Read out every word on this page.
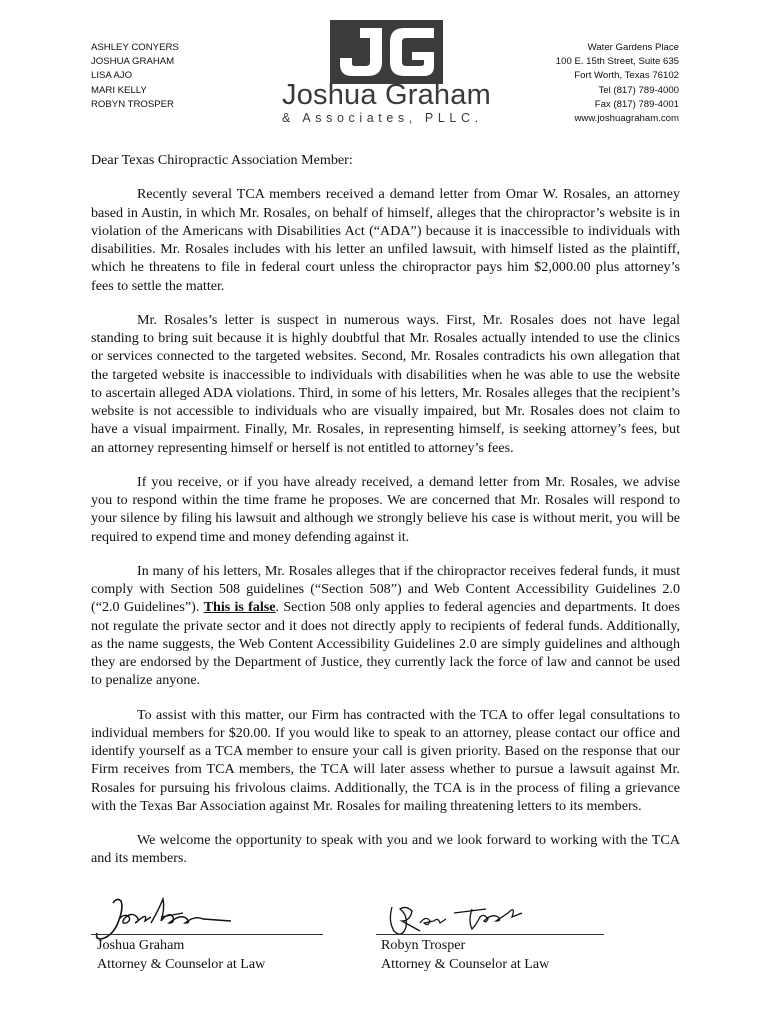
ASHLEY CONYERS
JOSHUA GRAHAM
LISA AJO
MARI KELLY
ROBYN TROSPER	Joshua Graham
& Associates, PLLC.
Water Gardens Place
100 E. 15th Street, Suite 635
Fort Worth, Texas 76102
Tel (817) 789-4000
Fax (817) 789-4001
www.joshuagraham.com

Dear Texas Chiropractic Association Member:

Recently several TCA members received a demand letter from Omar W. Rosales, an attorney based in Austin, in which Mr. Rosales, on behalf of himself, alleges that the chiropractor’s website is in violation of the Americans with Disabilities Act (“ADA”) because it is inaccessible to individuals with disabilities. Mr. Rosales includes with his letter an unfiled lawsuit, with himself listed as the plaintiff, which he threatens to file in federal court unless the chiropractor pays him $2,000.00 plus attorney’s fees to settle the matter.

Mr. Rosales’s letter is suspect in numerous ways. First, Mr. Rosales does not have legal standing to bring suit because it is highly doubtful that Mr. Rosales actually intended to use the clinics or services connected to the targeted websites. Second, Mr. Rosales contradicts his own allegation that the targeted website is inaccessible to individuals with disabilities when he was able to use the website to ascertain alleged ADA violations. Third, in some of his letters, Mr. Rosales alleges that the recipient’s website is not accessible to individuals who are visually impaired, but Mr. Rosales does not claim to have a visual impairment. Finally, Mr. Rosales, in representing himself, is seeking attorney’s fees, but an attorney representing himself or herself is not entitled to attorney’s fees.

If you receive, or if you have already received, a demand letter from Mr. Rosales, we advise you to respond within the time frame he proposes. We are concerned that Mr. Rosales will respond to your silence by filing his lawsuit and although we strongly believe his case is without merit, you will be required to expend time and money defending against it.

In many of his letters, Mr. Rosales alleges that if the chiropractor receives federal funds, it must comply with Section 508 guidelines (“Section 508”) and Web Content Accessibility Guidelines 2.0 (“2.0 Guidelines”). This is false. Section 508 only applies to federal agencies and departments. It does not regulate the private sector and it does not directly apply to recipients of federal funds. Additionally, as the name suggests, the Web Content Accessibility Guidelines 2.0 are simply guidelines and although they are endorsed by the Department of Justice, they currently lack the force of law and cannot be used to penalize anyone.

To assist with this matter, our Firm has contracted with the TCA to offer legal consultations to individual members for $20.00. If you would like to speak to an attorney, please contact our office and identify yourself as a TCA member to ensure your call is given priority. Based on the response that our Firm receives from TCA members, the TCA will later assess whether to pursue a lawsuit against Mr. Rosales for pursuing his frivolous claims. Additionally, the TCA is in the process of filing a grievance with the Texas Bar Association against Mr. Rosales for mailing threatening letters to its members.

We welcome the opportunity to speak with you and we look forward to working with the TCA and its members.

Joshua Graham
Attorney & Counselor at Law
Robyn Trosper
Attorney & Counselor at Law
